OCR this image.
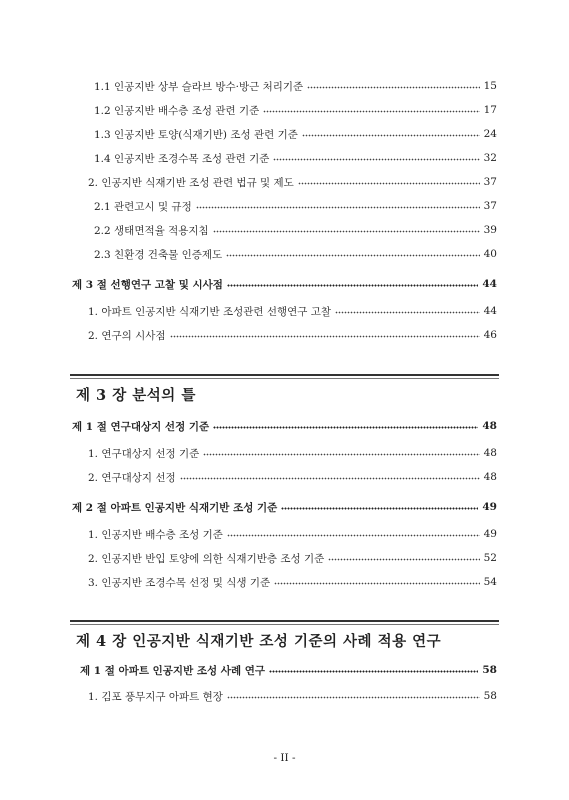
1.1 인공지반 상부 슬라브 방수·방근 처리기준	15
1.2 인공지반 배수층 조성 관련 기준	17
1.3 인공지반 토양(식재기반) 조성 관련 기준	24
1.4 인공지반 조경수목 조성 관련 기준	32
2. 인공지반 식재기반 조성 관련 법규 및 제도	37
2.1 관련고시 및 규정	37
2.2 생태면적율 적용지침	39
2.3 친환경 건축물 인증제도	40
제 3 절 선행연구 고찰 및 시사점	44
1. 아파트 인공지반 식재기반 조성관련 선행연구 고찰	44
2. 연구의 시사점	46
제 3 장 분석의 틀
제 1 절 연구대상지 선정 기준	48
1. 연구대상지 선정 기준	48
2. 연구대상지 선정	48
제 2 절 아파트 인공지반 식재기반 조성 기준	49
1. 인공지반 배수층 조성 기준	49
2. 인공지반 반입 토양에 의한 식재기반층 조성 기준	52
3. 인공지반 조경수목 선정 및 식생 기준	54
제 4 장 인공지반 식재기반 조성 기준의 사례 적용 연구
제 1 절 아파트 인공지반 조성 사례 연구	58
1. 김포 풍무지구 아파트 현장	58
- II -
